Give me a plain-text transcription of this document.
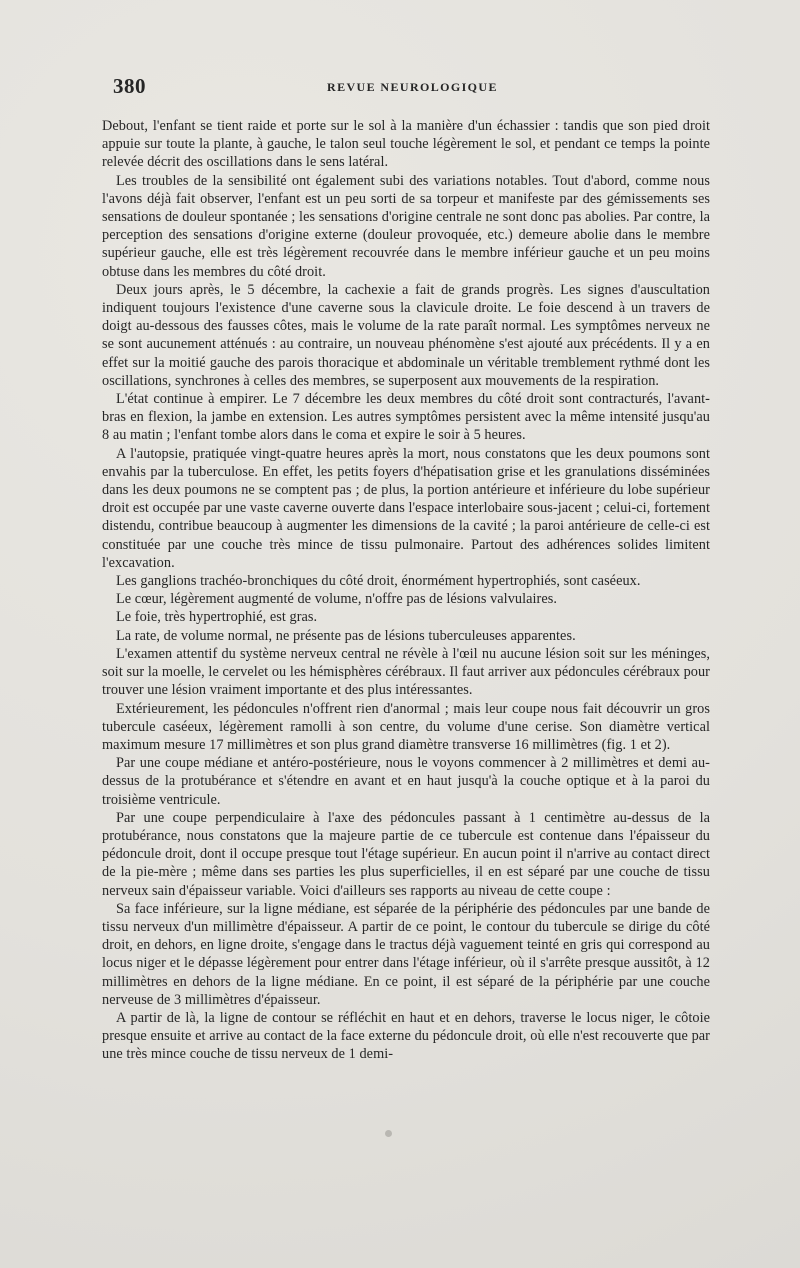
380	REVUE NEUROLOGIQUE

Debout, l'enfant se tient raide et porte sur le sol à la manière d'un échassier : tandis que son pied droit appuie sur toute la plante, à gauche, le talon seul touche légèrement le sol, et pendant ce temps la pointe relevée décrit des oscillations dans le sens latéral.

Les troubles de la sensibilité ont également subi des variations notables. Tout d'abord, comme nous l'avons déjà fait observer, l'enfant est un peu sorti de sa torpeur et manifeste par des gémissements ses sensations de douleur spontanée ; les sensations d'origine centrale ne sont donc pas abolies. Par contre, la perception des sensations d'origine externe (douleur provoquée, etc.) demeure abolie dans le membre supérieur gauche, elle est très légèrement recouvrée dans le membre inférieur gauche et un peu moins obtuse dans les membres du côté droit.

Deux jours après, le 5 décembre, la cachexie a fait de grands progrès. Les signes d'auscultation indiquent toujours l'existence d'une caverne sous la clavicule droite. Le foie descend à un travers de doigt au-dessous des fausses côtes, mais le volume de la rate paraît normal. Les symptômes nerveux ne se sont aucunement atténués : au contraire, un nouveau phénomène s'est ajouté aux précédents. Il y a en effet sur la moitié gauche des parois thoracique et abdominale un véritable tremblement rythmé dont les oscillations, synchrones à celles des membres, se superposent aux mouvements de la respiration.

L'état continue à empirer. Le 7 décembre les deux membres du côté droit sont contracturés, l'avant-bras en flexion, la jambe en extension. Les autres symptômes persistent avec la même intensité jusqu'au 8 au matin ; l'enfant tombe alors dans le coma et expire le soir à 5 heures.

A l'autopsie, pratiquée vingt-quatre heures après la mort, nous constatons que les deux poumons sont envahis par la tuberculose. En effet, les petits foyers d'hépatisation grise et les granulations disséminées dans les deux poumons ne se comptent pas ; de plus, la portion antérieure et inférieure du lobe supérieur droit est occupée par une vaste caverne ouverte dans l'espace interlobaire sous-jacent ; celui-ci, fortement distendu, contribue beaucoup à augmenter les dimensions de la cavité ; la paroi antérieure de celle-ci est constituée par une couche très mince de tissu pulmonaire. Partout des adhérences solides limitent l'excavation.

Les ganglions trachéo-bronchiques du côté droit, énormément hypertrophiés, sont caséeux.

Le cœur, légèrement augmenté de volume, n'offre pas de lésions valvulaires.

Le foie, très hypertrophié, est gras.

La rate, de volume normal, ne présente pas de lésions tuberculeuses apparentes.

L'examen attentif du système nerveux central ne révèle à l'œil nu aucune lésion soit sur les méninges, soit sur la moelle, le cervelet ou les hémisphères cérébraux. Il faut arriver aux pédoncules cérébraux pour trouver une lésion vraiment importante et des plus intéressantes.

Extérieurement, les pédoncules n'offrent rien d'anormal ; mais leur coupe nous fait découvrir un gros tubercule caséeux, légèrement ramolli à son centre, du volume d'une cerise. Son diamètre vertical maximum mesure 17 millimètres et son plus grand diamètre transverse 16 millimètres (fig. 1 et 2).

Par une coupe médiane et antéro-postérieure, nous le voyons commencer à 2 millimètres et demi au-dessus de la protubérance et s'étendre en avant et en haut jusqu'à la couche optique et à la paroi du troisième ventricule.

Par une coupe perpendiculaire à l'axe des pédoncules passant à 1 centimètre au-dessus de la protubérance, nous constatons que la majeure partie de ce tubercule est contenue dans l'épaisseur du pédoncule droit, dont il occupe presque tout l'étage supérieur. En aucun point il n'arrive au contact direct de la pie-mère ; même dans ses parties les plus superficielles, il en est séparé par une couche de tissu nerveux sain d'épaisseur variable. Voici d'ailleurs ses rapports au niveau de cette coupe :

Sa face inférieure, sur la ligne médiane, est séparée de la périphérie des pédoncules par une bande de tissu nerveux d'un millimètre d'épaisseur. A partir de ce point, le contour du tubercule se dirige du côté droit, en dehors, en ligne droite, s'engage dans le tractus déjà vaguement teinté en gris qui correspond au locus niger et le dépasse légèrement pour entrer dans l'étage inférieur, où il s'arrête presque aussitôt, à 12 millimètres en dehors de la ligne médiane. En ce point, il est séparé de la périphérie par une couche nerveuse de 3 millimètres d'épaisseur.

A partir de là, la ligne de contour se réfléchit en haut et en dehors, traverse le locus niger, le côtoie presque ensuite et arrive au contact de la face externe du pédoncule droit, où elle n'est recouverte que par une très mince couche de tissu nerveux de 1 demi-
